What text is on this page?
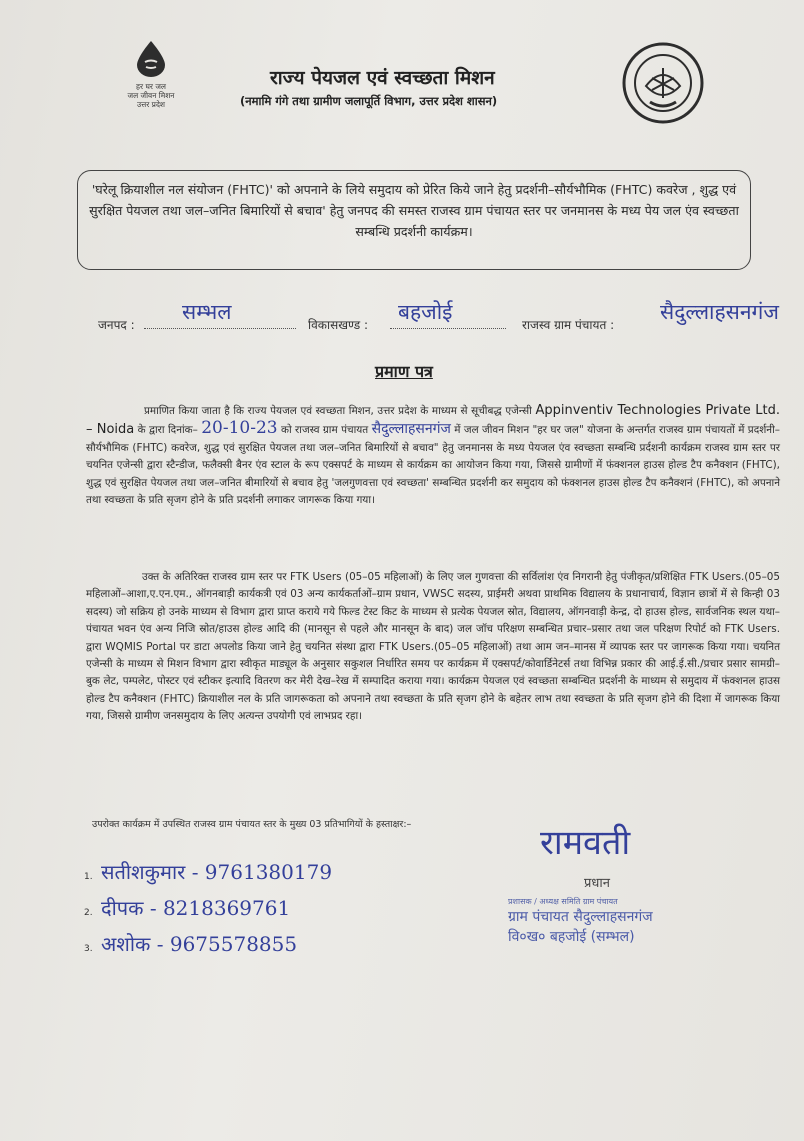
हर घर जल
जल जीवन मिशन
उत्तर प्रदेश
राज्य पेयजल एवं स्वच्छता मिशन
(नमामि गंगे तथा ग्रामीण जलापूर्ति विभाग, उत्तर प्रदेश शासन)
'घरेलू क्रियाशील नल संयोजन (FHTC)' को अपनाने के लिये समुदाय को प्रेरित किये जाने हेतु प्रदर्शनी–सौर्यभौमिक (FHTC) कवरेज , शुद्ध एवं सुरक्षित पेयजल तथा जल–जनित बिमारियों से बचाव' हेतु जनपद की समस्त राजस्व ग्राम पंचायत स्तर पर जनमानस के मध्य पेय जल एंव स्वच्छता सम्बन्धि प्रदर्शनी कार्यक्रम।
जनपद :
सम्भल
विकासखण्ड :
बहजोई
राजस्व ग्राम पंचायत :
सैदुल्लाहसनगंज
प्रमाण पत्र
प्रमाणित किया जाता है कि राज्य पेयजल एवं स्वच्छता मिशन, उत्तर प्रदेश के माध्यम से सूचीबद्ध एजेन्सी Appinventiv Technologies Private Ltd. – Noida के द्वारा दिनांक– 20-10-23 को राजस्व ग्राम पंचायत सैदुल्लाहसनगंज में जल जीवन मिशन "हर घर जल" योजना के अन्तर्गत राजस्व ग्राम पंचायतों में प्रदर्शनी–सौर्यभौमिक (FHTC) कवरेज, शुद्ध एवं सुरक्षित पेयजल तथा जल–जनित बिमारियों से बचाव" हेतु जनमानस के मध्य पेयजल एंव स्वच्छता सम्बन्धि प्रर्दशनी कार्यक्रम राजस्व ग्राम स्तर पर चयनित एजेन्सी द्वारा स्टैन्डीज, फलैक्सी बैनर एंव स्टाल के रूप एक्सपर्ट के माध्यम से कार्यक्रम का आयोजन किया गया, जिससे ग्रामीणों में फंक्शनल हाउस होल्ड टैप कनैक्शन (FHTC), शुद्ध एवं सुरक्षित पेयजल तथा जल–जनित बीमारियों से बचाव हेतु 'जलगुणवत्ता एवं स्वच्छता' सम्बन्धित प्रदर्शनी कर समुदाय को फंक्शनल हाउस होल्ड टैप कनैक्शनं (FHTC), को अपनाने तथा स्वच्छता के प्रति सृजग होने के प्रति प्रदर्शनी लगाकर जागरूक किया गया।
उक्त के अतिरिक्त राजस्व ग्राम स्तर पर FTK Users (05–05 महिलाओं) के लिए जल गुणवत्ता की सर्विलांश एंव निगरानी हेतु पंजीकृत/प्रशिक्षित FTK Users.(05–05 महिलाओं–आशा,ए.एन.एम., ऑगनबाड़ी कार्यकत्री एवं 03 अन्य कार्यकर्ताओं–ग्राम प्रधान, VWSC सदस्य, प्राईमरी अथवा प्राथमिक विद्यालय के प्रधानाचार्य, विज्ञान छात्रों में से किन्ही 03 सदस्य) जो सक्रिय हो उनके माध्यम से विभाग द्वारा प्राप्त कराये गये फिल्ड टेस्ट किट के माध्यम से प्रत्येक पेयजल स्रोत, विद्यालय, ऑगनवाड़ी केन्द्र, दो हाउस होल्ड, सार्वजनिक स्थल यथा–पंचायत भवन एंव अन्य निजि स्रोत/हाउस होल्ड आदि की (मानसून से पहले और मानसून के बाद) जल जॉच परिक्षण सम्बन्धित प्रचार–प्रसार तथा जल परिक्षण रिपोर्ट को FTK Users. द्वारा WQMIS Portal पर डाटा अपलोड किया जाने हेतु चयनित संस्था द्वारा FTK Users.(05–05 महिलाओं) तथा आम जन–मानस में व्यापक स्तर पर जागरूक किया गया। चयनित एजेन्सी के माध्यम से मिशन विभाग द्वारा स्वीकृत माड्यूल के अनुसार सकुशल निर्धारित समय पर कार्यक्रम में एक्सपर्ट/कोवार्डिनेटर्स तथा विभिन्न प्रकार की आई.ई.सी./प्रचार प्रसार सामग्री–बुक लेट, पम्पलेट, पोस्टर एवं स्टीकर इत्यादि वितरण कर मेरी देख–रेख में सम्पादित कराया गया। कार्यक्रम पेयजल एवं स्वच्छता सम्बन्धित प्रदर्शनी के माध्यम से समुदाय में फंक्शनल हाउस होल्ड टैप कनैक्शन (FHTC) क्रियाशील नल के प्रति जागरूकता को अपनाने तथा स्वच्छता के प्रति सृजग होने के बहेतर लाभ तथा स्वच्छता के प्रति सृजग होने की दिशा में जागरूक किया गया, जिससे ग्रामीण जनसमुदाय के लिए अत्यन्त उपयोगी एवं लाभप्रद रहा।
उपरोक्त कार्यक्रम में उपस्थित राजस्व ग्राम पंचायत स्तर के मुख्य 03 प्रतिभागियों के हस्ताक्षर:–
1. सतीशकुमार - 9761380179
2. दीपक - 8218369761
3. अशोक - 9675578855
रामवती
प्रधान
प्रशासक / अध्यक्ष समिति ग्राम पंचायत
ग्राम पंचायत सैदुल्लाहसनगंज
वि०ख० बहजोई (सम्भल)
